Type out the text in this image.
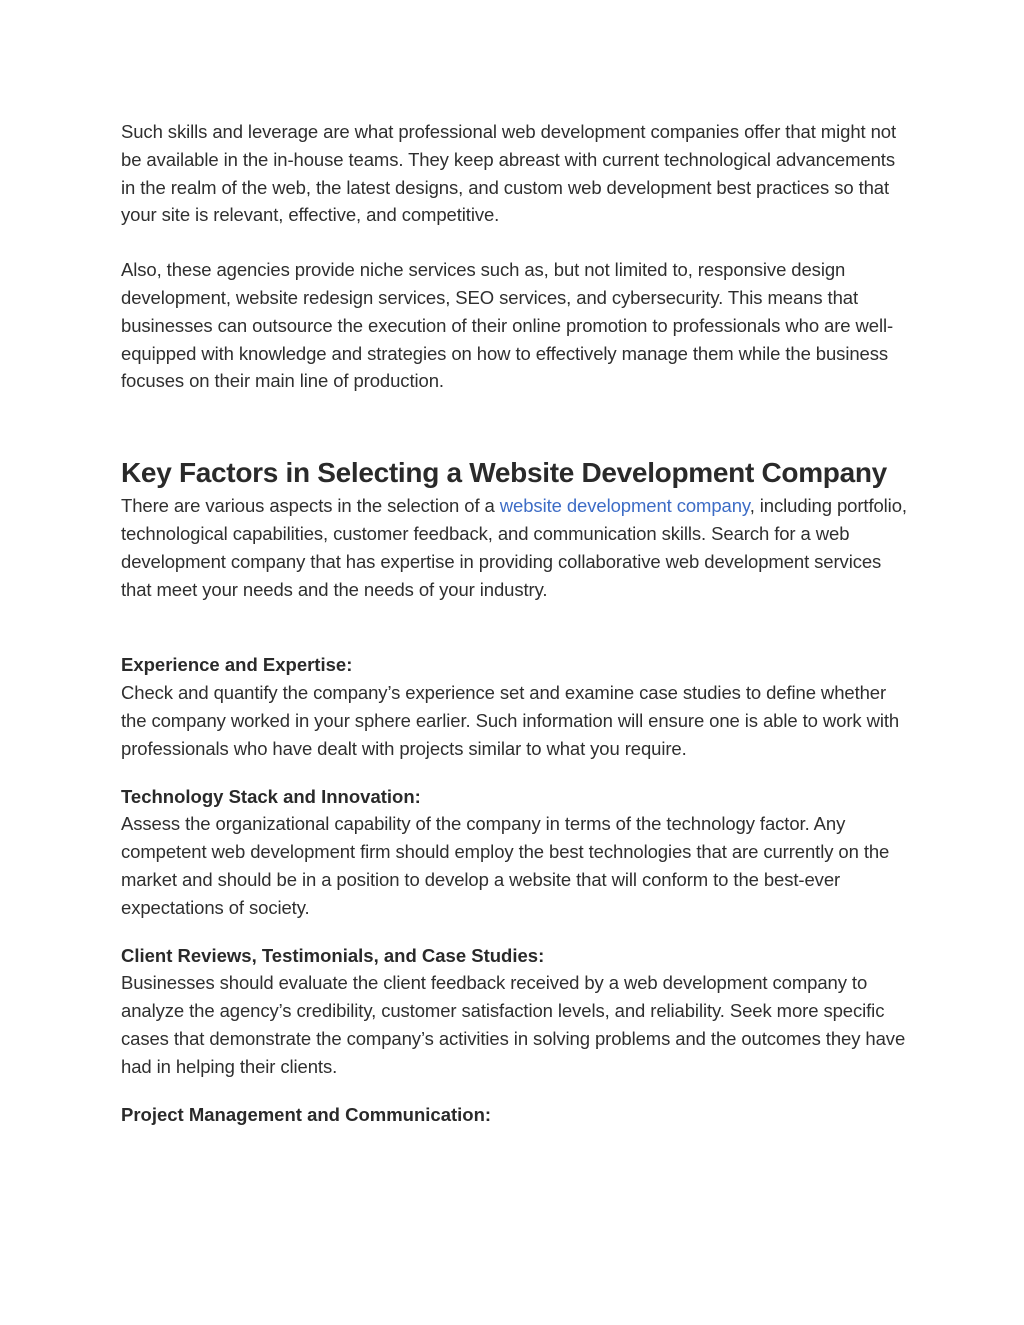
Such skills and leverage are what professional web development companies offer that might not be available in the in-house teams. They keep abreast with current technological advancements in the realm of the web, the latest designs, and custom web development best practices so that your site is relevant, effective, and competitive.

Also, these agencies provide niche services such as, but not limited to, responsive design development, website redesign services, SEO services, and cybersecurity. This means that businesses can outsource the execution of their online promotion to professionals who are well-equipped with knowledge and strategies on how to effectively manage them while the business focuses on their main line of production.

Key Factors in Selecting a Website Development Company

There are various aspects in the selection of a website development company, including portfolio, technological capabilities, customer feedback, and communication skills. Search for a web development company that has expertise in providing collaborative web development services that meet your needs and the needs of your industry.

Experience and Expertise:

Check and quantify the company’s experience set and examine case studies to define whether the company worked in your sphere earlier. Such information will ensure one is able to work with professionals who have dealt with projects similar to what you require.

Technology Stack and Innovation:

Assess the organizational capability of the company in terms of the technology factor. Any competent web development firm should employ the best technologies that are currently on the market and should be in a position to develop a website that will conform to the best-ever expectations of society.

Client Reviews, Testimonials, and Case Studies:

Businesses should evaluate the client feedback received by a web development company to analyze the agency’s credibility, customer satisfaction levels, and reliability. Seek more specific cases that demonstrate the company’s activities in solving problems and the outcomes they have had in helping their clients.

Project Management and Communication:
